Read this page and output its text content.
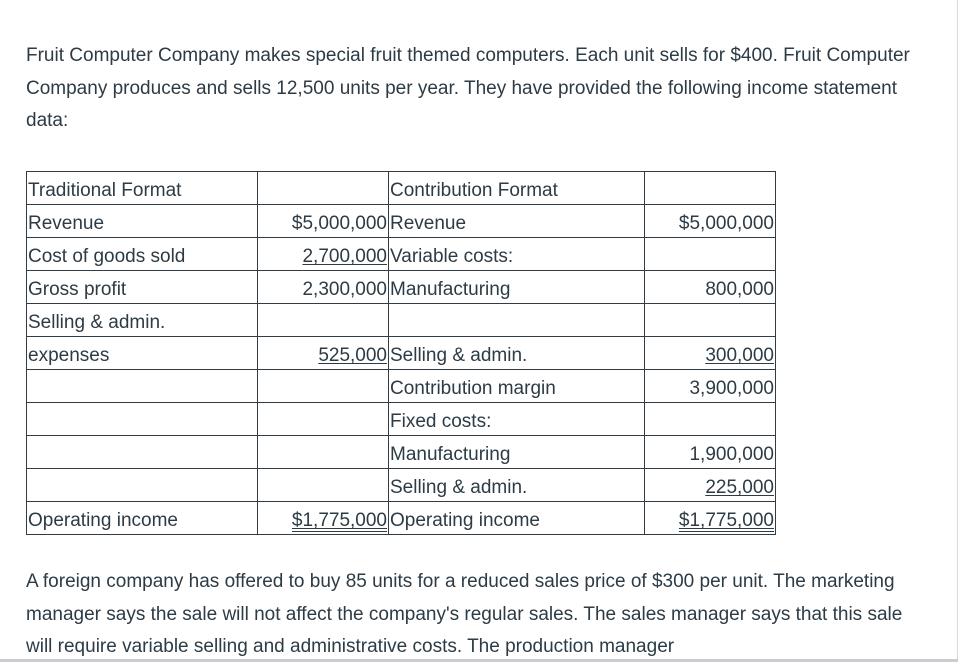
Fruit Computer Company makes special fruit themed computers. Each unit sells for $400. Fruit Computer Company produces and sells 12,500 units per year. They have provided the following income statement data:

Traditional Format		Contribution Format	
Revenue	$5,000,000	Revenue	$5,000,000
Cost of goods sold	2,700,000	Variable costs:	
Gross profit	2,300,000	Manufacturing	800,000
Selling & admin.			
expenses	525,000	Selling & admin.	300,000
		Contribution margin	3,900,000
		Fixed costs:	
		Manufacturing	1,900,000
		Selling & admin.	225,000
Operating income	$1,775,000	Operating income	$1,775,000

A foreign company has offered to buy 85 units for a reduced sales price of $300 per unit. The marketing manager says the sale will not affect the company's regular sales. The sales manager says that this sale will require variable selling and administrative costs. The production manager
